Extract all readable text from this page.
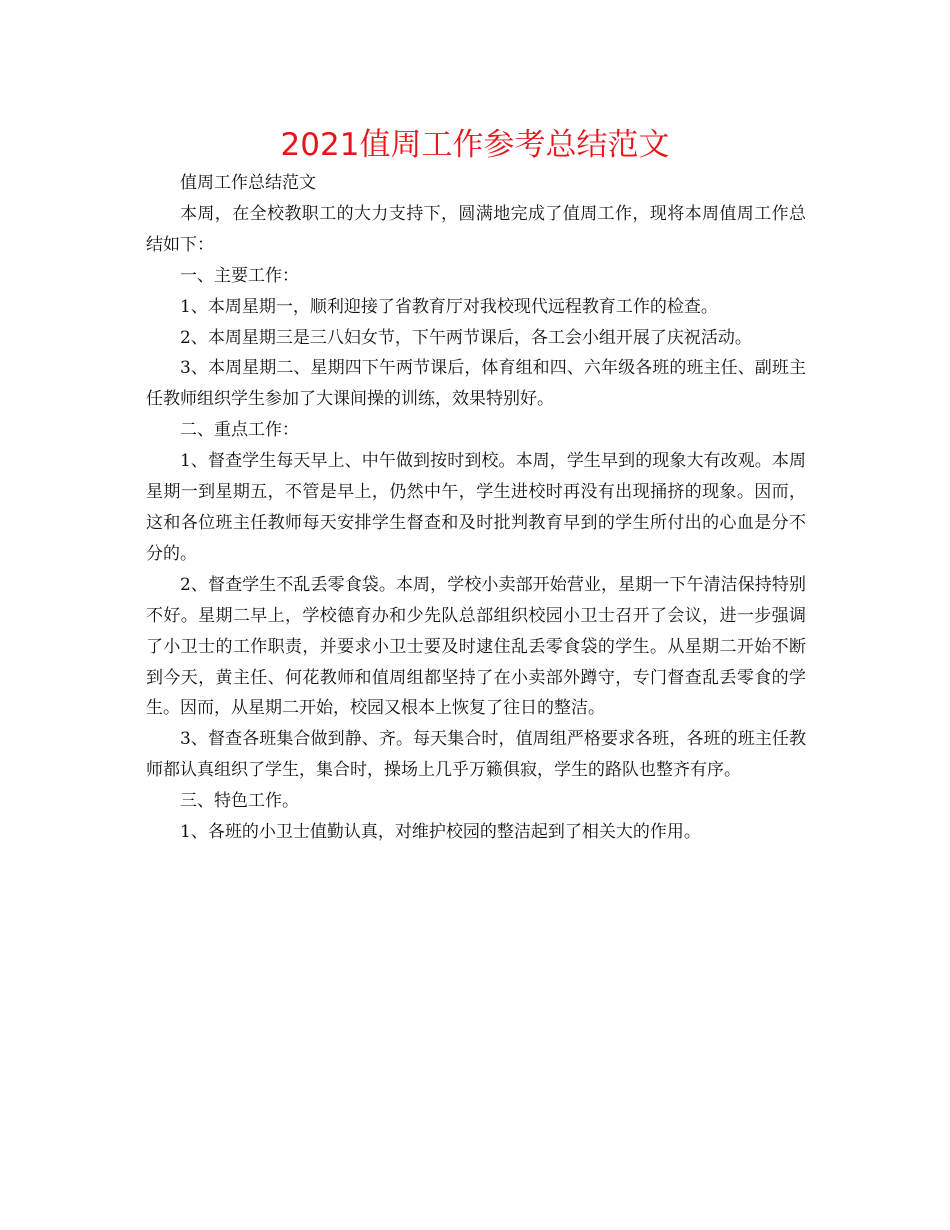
2021值周工作参考总结范文

值周工作总结范文

本周，在全校教职工的大力支持下，圆满地完成了值周工作，现将本周值周工作总结如下：

一、主要工作：

1、本周星期一，顺利迎接了省教育厅对我校现代远程教育工作的检查。

2、本周星期三是三八妇女节，下午两节课后，各工会小组开展了庆祝活动。

3、本周星期二、星期四下午两节课后，体育组和四、六年级各班的班主任、副班主任教师组织学生参加了大课间操的训练，效果特别好。

二、重点工作：

1、督查学生每天早上、中午做到按时到校。本周，学生早到的现象大有改观。本周星期一到星期五，不管是早上，仍然中午，学生进校时再没有出现捅挤的现象。因而，这和各位班主任教师每天安排学生督查和及时批判教育早到的学生所付出的心血是分不分的。

2、督查学生不乱丢零食袋。本周，学校小卖部开始营业，星期一下午清洁保持特别不好。星期二早上，学校德育办和少先队总部组织校园小卫士召开了会议，进一步强调了小卫士的工作职责，并要求小卫士要及时逮住乱丢零食袋的学生。从星期二开始不断到今天，黄主任、何花教师和值周组都坚持了在小卖部外蹲守，专门督查乱丢零食的学生。因而，从星期二开始，校园又根本上恢复了往日的整洁。

3、督查各班集合做到静、齐。每天集合时，值周组严格要求各班，各班的班主任教师都认真组织了学生，集合时，操场上几乎万籁俱寂，学生的路队也整齐有序。

三、特色工作。

1、各班的小卫士值勤认真，对维护校园的整洁起到了相关大的作用。
